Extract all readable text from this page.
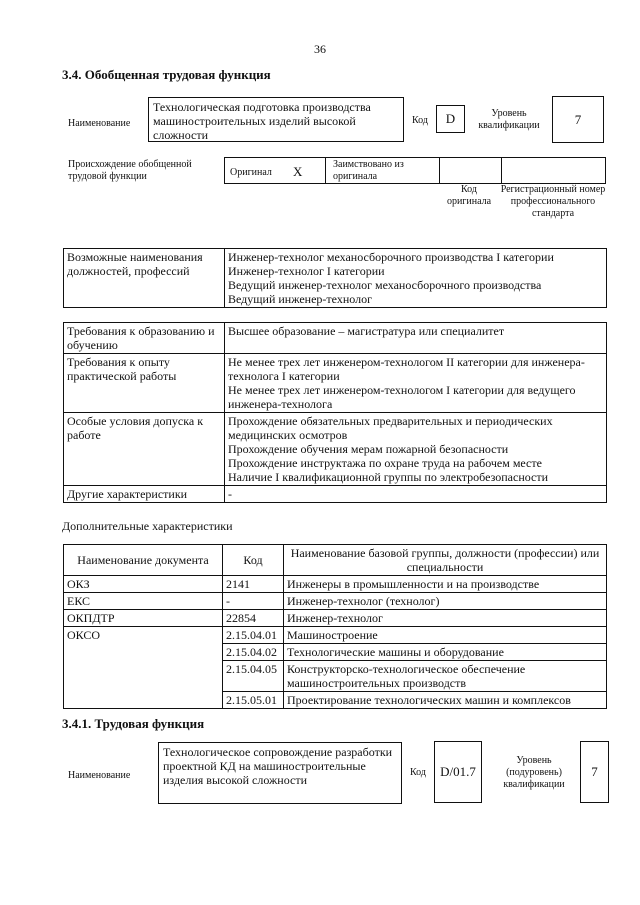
36
3.4. Обобщенная трудовая функция
Наименование
Технологическая подготовка производства машиностроительных изделий высокой сложности
Код	D	Уровень квалификации	7
Происхождение обобщенной трудовой функции	Оригинал X	Заимствовано из оригинала
Код оригинала
Регистрационный номер профессионального стандарта
Возможные наименования должностей, профессий	
Инженер-технолог механосборочного производства I категории
Инженер-технолог I категории
Ведущий инженер-технолог механосборочного производства
Ведущий инженер-технолог
Требования к образованию и обучению	Высшее образование – магистратура или специалитет
Требования к опыту практической работы	Не менее трех лет инженером-технологом II категории для инженера-технолога I категории
Не менее трех лет инженером-технологом I категории для ведущего инженера-технолога

Особые условия допуска к работе	Прохождение обязательных предварительных и периодических медицинских осмотров
Прохождение обучения мерам пожарной безопасности
Прохождение инструктажа по охране труда на рабочем месте
Наличие I квалификационной группы по электробезопасности

Другие характеристики	-
Дополнительные характеристики
Наименование документа	Код	Наименование базовой группы, должности (профессии) или специальности
ОКЗ	2141	Инженеры в промышленности и на производстве
ЕКС	-	Инженер-технолог (технолог)
ОКПДТР	22854	Инженер-технолог
ОКСО	2.15.04.01	Машиностроение
	2.15.04.02	Технологические машины и оборудование
	2.15.04.05	Конструкторско-технологическое обеспечение машиностроительных производств
	2.15.05.01	Проектирование технологических машин и комплексов
3.4.1. Трудовая функция
Наименование
Технологическое сопровождение разработки проектной КД на машиностроительные изделия высокой сложности
Код	D/01.7
Уровень (подуровень) квалификации
7
